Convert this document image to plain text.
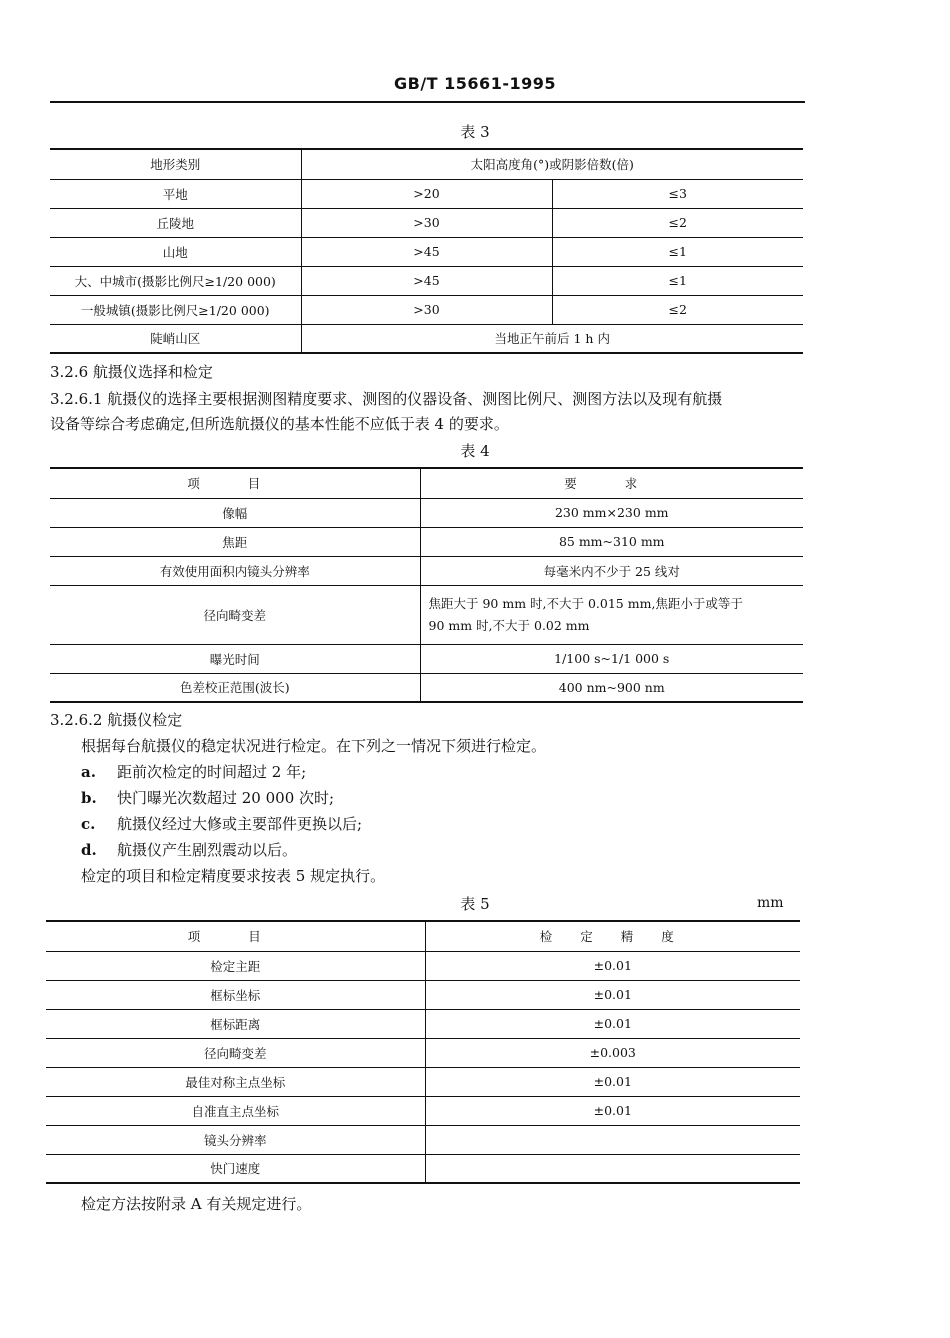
GB/T 15661-1995
表 3
地形类别	太阳高度角(°)或阴影倍数(倍)	
平地	>20	≤3
丘陵地	>30	≤2
山地	>45	≤1
大、中城市(摄影比例尺≥1/20 000)	>45	≤1
一般城镇(摄影比例尺≥1/20 000)	>30	≤2
陡峭山区	当地正午前后 1 h 内	
3.2.6 航摄仪选择和检定
3.2.6.1 航摄仪的选择主要根据测图精度要求、测图的仪器设备、测图比例尺、测图方法以及现有航摄
设备等综合考虑确定,但所选航摄仪的基本性能不应低于表 4 的要求。
表 4
项 目	要 求
像幅	230 mm×230 mm
焦距	85 mm~310 mm
有效使用面积内镜头分辨率	每毫米内不少于 25 线对
径向畸变差	焦距大于 90 mm 时,不大于 0.015 mm,焦距小于或等于
90 mm 时,不大于 0.02 mm

曝光时间	1/100 s~1/1 000 s
色差校正范围(波长)	400 nm~900 nm
3.2.6.2 航摄仪检定
根据每台航摄仪的稳定状况进行检定。在下列之一情况下须进行检定。
a. 距前次检定的时间超过 2 年;
b. 快门曝光次数超过 20 000 次时;
c. 航摄仪经过大修或主要部件更换以后;
d. 航摄仪产生剧烈震动以后。
检定的项目和检定精度要求按表 5 规定执行。
表 5	mm
项 目	检 定 精 度
检定主距	±0.01
框标坐标	±0.01
框标距离	±0.01
径向畸变差	±0.003
最佳对称主点坐标	±0.01
自准直主点坐标	±0.01
镜头分辨率	
快门速度	
检定方法按附录 A 有关规定进行。
